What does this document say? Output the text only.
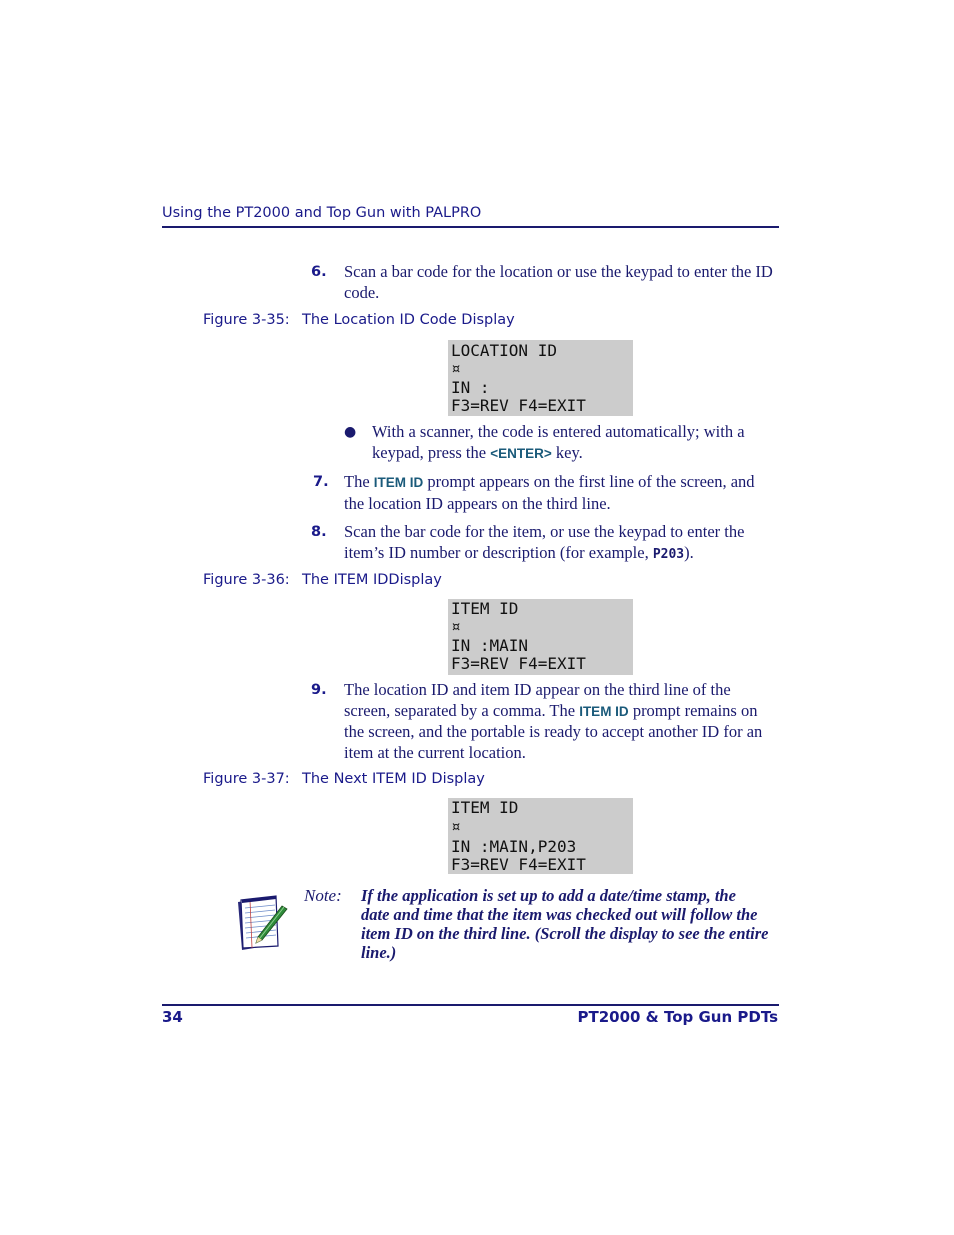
Using the PT2000 and Top Gun with PALPRO
6. Scan a bar code for the location or use the keypad to enter the ID
code.
Figure 3-35: The Location ID Code Display
LOCATION ID
¤
IN :
F3=REV F4=EXIT
● With a scanner, the code is entered automatically; with a
keypad, press the <ENTER> key.
7. The ITEM ID prompt appears on the first line of the screen, and
the location ID appears on the third line.
8. Scan the bar code for the item, or use the keypad to enter the
item’s ID number or description (for example, P203).
Figure 3-36: The ITEM IDDisplay
ITEM ID
¤
IN :MAIN
F3=REV F4=EXIT
9. The location ID and item ID appear on the third line of the
screen, separated by a comma. The ITEM ID prompt remains on
the screen, and the portable is ready to accept another ID for an
item at the current location.
Figure 3-37: The Next ITEM ID Display
ITEM ID
¤
IN :MAIN,P203
F3=REV F4=EXIT
Note: If the application is set up to add a date/time stamp, the
date and time that the item was checked out will follow the
item ID on the third line. (Scroll the display to see the entire
line.)
34	PT2000 & Top Gun PDTs
